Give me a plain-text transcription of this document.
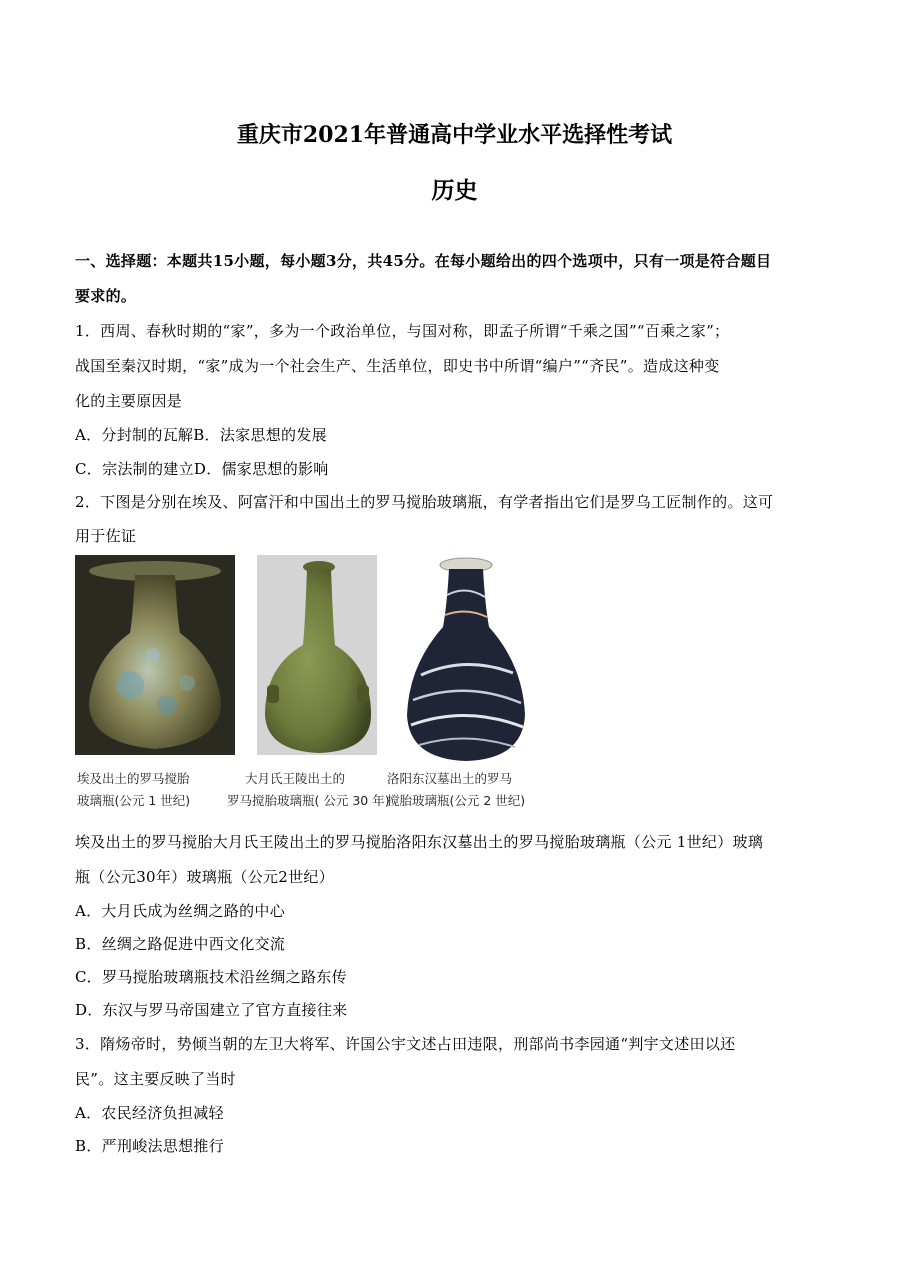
重庆市2021年普通高中学业水平选择性考试
历史

一、选择题：本题共15小题，每小题3分，共45分。在每小题给出的四个选项中，只有一项是符合题目

要求的。

1．西周、春秋时期的“家”，多为一个政治单位，与国对称，即孟子所谓“千乘之国”“百乘之家”；

战国至秦汉时期，“家”成为一个社会生产、生活单位，即史书中所谓“编户”“齐民”。造成这种变

化的主要原因是

A．分封制的瓦解B．法家思想的发展

C．宗法制的建立D．儒家思想的影响

2．下图是分别在埃及、阿富汗和中国出土的罗马搅胎玻璃瓶，有学者指出它们是罗乌工匠制作的。这可

用于佐证

埃及出土的罗马搅胎
玻璃瓶(公元 1 世纪)
大月氏王陵出土的
罗马搅胎玻璃瓶( 公元 30 年)
洛阳东汉墓出土的罗马
搅胎玻璃瓶(公元 2 世纪)

埃及出土的罗马搅胎大月氏王陵出土的罗马搅胎洛阳东汉墓出土的罗马搅胎玻璃瓶（公元 1世纪）玻璃

瓶（公元30年）玻璃瓶（公元2世纪）

A．大月氏成为丝绸之路的中心

B．丝绸之路促进中西文化交流

C．罗马搅胎玻璃瓶技术沿丝绸之路东传

D．东汉与罗马帝国建立了官方直接往来

3．隋炀帝时，势倾当朝的左卫大将军、许国公宇文述占田违限，刑部尚书李园通“判宇文述田以还

民”。这主要反映了当时

A．农民经济负担减轻

B．严刑峻法思想推行
